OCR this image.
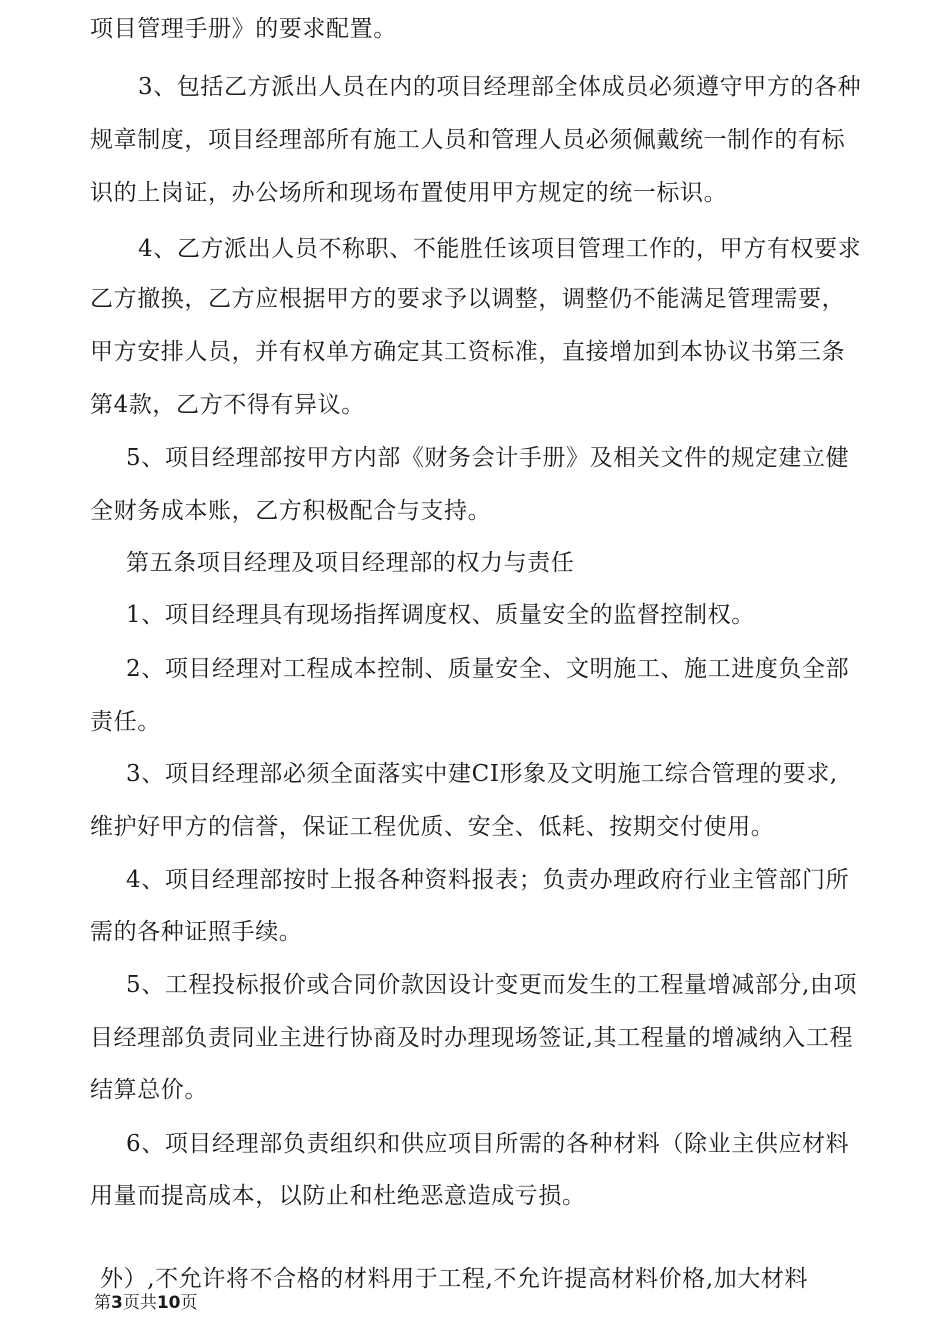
项目管理手册》的要求配置。
3、包括乙方派出人员在内的项目经理部全体成员必须遵守甲方的各种
规章制度，项目经理部所有施工人员和管理人员必须佩戴统一制作的有标
识的上岗证，办公场所和现场布置使用甲方规定的统一标识。
4、乙方派出人员不称职、不能胜任该项目管理工作的，甲方有权要求
乙方撤换，乙方应根据甲方的要求予以调整，调整仍不能满足管理需要，
甲方安排人员，并有权单方确定其工资标准，直接增加到本协议书第三条
第4款，乙方不得有异议。
5、项目经理部按甲方内部《财务会计手册》及相关文件的规定建立健
全财务成本账，乙方积极配合与支持。
第五条项目经理及项目经理部的权力与责任
1、项目经理具有现场指挥调度权、质量安全的监督控制权。
2、项目经理对工程成本控制、质量安全、文明施工、施工进度负全部
责任。
3、项目经理部必须全面落实中建CI形象及文明施工综合管理的要求,
维护好甲方的信誉，保证工程优质、安全、低耗、按期交付使用。
4、项目经理部按时上报各种资料报表；负责办理政府行业主管部门所
需的各种证照手续。
5、工程投标报价或合同价款因设计变更而发生的工程量增减部分,由项
目经理部负责同业主进行协商及时办理现场签证,其工程量的增减纳入工程
结算总价。
6、项目经理部负责组织和供应项目所需的各种材料（除业主供应材料
用量而提高成本，以防止和杜绝恶意造成亏损。
外）,不允许将不合格的材料用于工程,不允许提高材料价格,加大材料
第3页共10页
